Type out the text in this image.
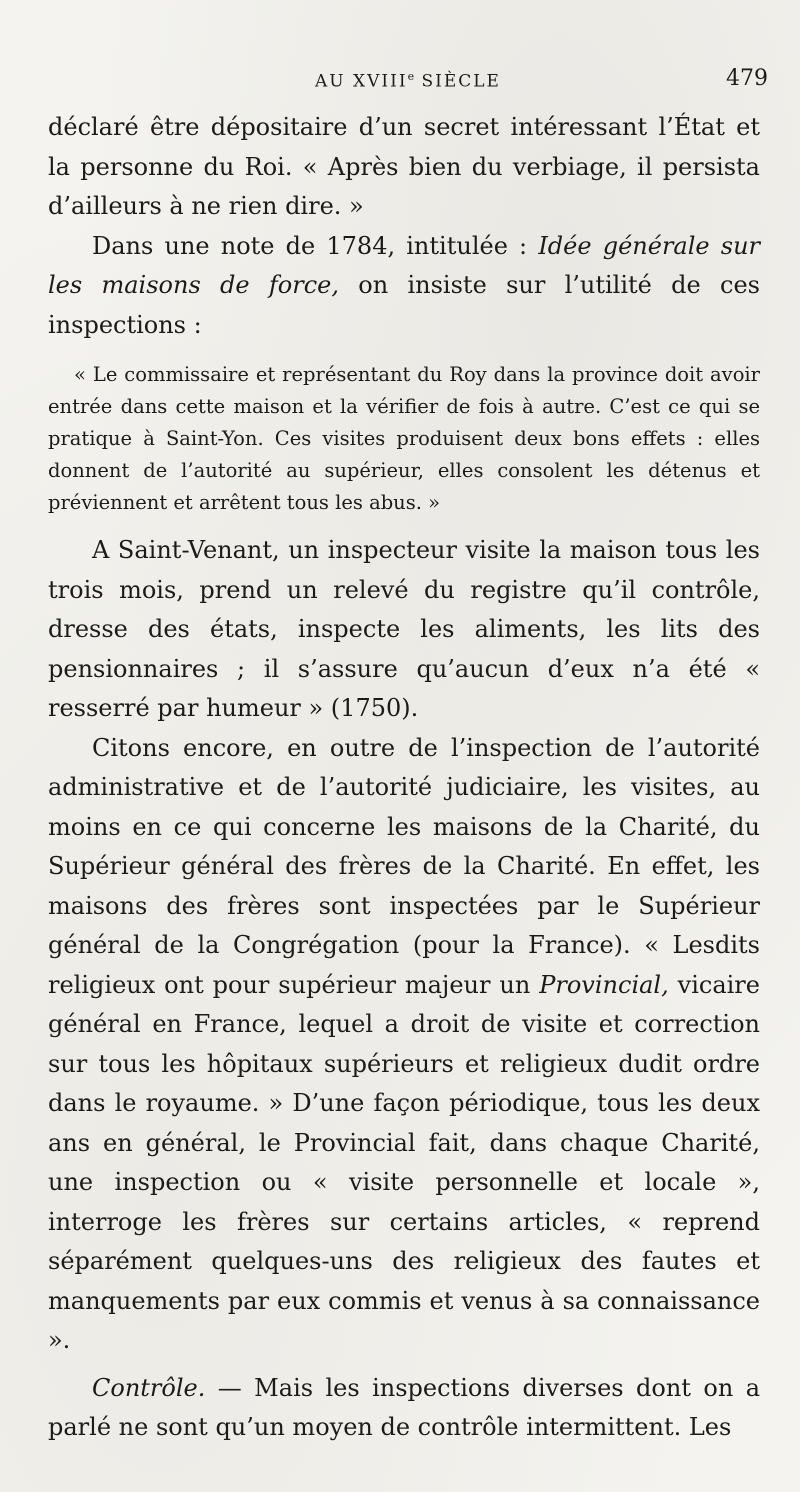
AU XVIIIe SIÈCLE	479

déclaré être dépositaire d’un secret intéressant l’État et la personne du Roi. « Après bien du verbiage, il persista d’ailleurs à ne rien dire. »

Dans une note de 1784, intitulée : Idée générale sur les maisons de force, on insiste sur l’utilité de ces inspections :

« Le commissaire et représentant du Roy dans la province doit avoir entrée dans cette maison et la vérifier de fois à autre. C’est ce qui se pratique à Saint-Yon. Ces visites produisent deux bons effets : elles donnent de l’autorité au supérieur, elles consolent les détenus et préviennent et arrêtent tous les abus. »

A Saint-Venant, un inspecteur visite la maison tous les trois mois, prend un relevé du registre qu’il contrôle, dresse des états, inspecte les aliments, les lits des pensionnaires ; il s’assure qu’aucun d’eux n’a été « resserré par humeur » (1750).

Citons encore, en outre de l’inspection de l’autorité administrative et de l’autorité judiciaire, les visites, au moins en ce qui concerne les maisons de la Charité, du Supérieur général des frères de la Charité. En effet, les maisons des frères sont inspectées par le Supérieur général de la Congrégation (pour la France). « Lesdits religieux ont pour supérieur majeur un Provincial, vicaire général en France, lequel a droit de visite et correction sur tous les hôpitaux supérieurs et religieux dudit ordre dans le royaume. » D’une façon périodique, tous les deux ans en général, le Provincial fait, dans chaque Charité, une inspection ou « visite personnelle et locale », interroge les frères sur certains articles, « reprend séparément quelques-uns des religieux des fautes et manquements par eux commis et venus à sa connaissance ».

Contrôle. — Mais les inspections diverses dont on a parlé ne sont qu’un moyen de contrôle intermittent. Les
